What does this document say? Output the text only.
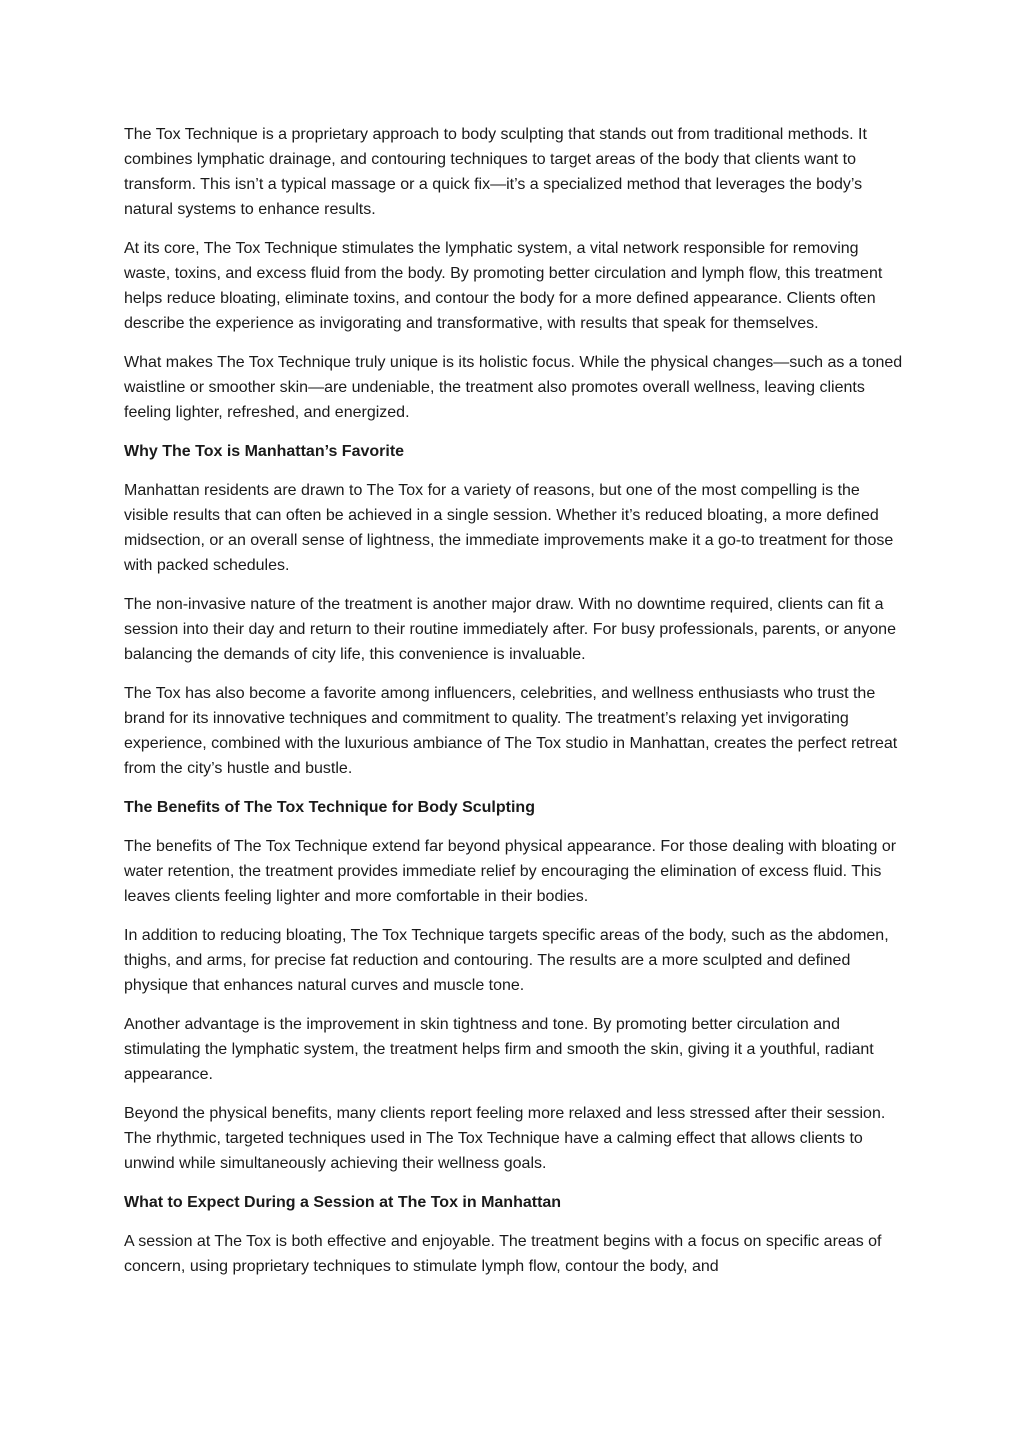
The Tox Technique is a proprietary approach to body sculpting that stands out from traditional methods. It combines lymphatic drainage, and contouring techniques to target areas of the body that clients want to transform. This isn’t a typical massage or a quick fix—it’s a specialized method that leverages the body’s natural systems to enhance results.

At its core, The Tox Technique stimulates the lymphatic system, a vital network responsible for removing waste, toxins, and excess fluid from the body. By promoting better circulation and lymph flow, this treatment helps reduce bloating, eliminate toxins, and contour the body for a more defined appearance. Clients often describe the experience as invigorating and transformative, with results that speak for themselves.

What makes The Tox Technique truly unique is its holistic focus. While the physical changes—such as a toned waistline or smoother skin—are undeniable, the treatment also promotes overall wellness, leaving clients feeling lighter, refreshed, and energized.

Why The Tox is Manhattan’s Favorite

Manhattan residents are drawn to The Tox for a variety of reasons, but one of the most compelling is the visible results that can often be achieved in a single session. Whether it’s reduced bloating, a more defined midsection, or an overall sense of lightness, the immediate improvements make it a go-to treatment for those with packed schedules.

The non-invasive nature of the treatment is another major draw. With no downtime required, clients can fit a session into their day and return to their routine immediately after. For busy professionals, parents, or anyone balancing the demands of city life, this convenience is invaluable.

The Tox has also become a favorite among influencers, celebrities, and wellness enthusiasts who trust the brand for its innovative techniques and commitment to quality. The treatment’s relaxing yet invigorating experience, combined with the luxurious ambiance of The Tox studio in Manhattan, creates the perfect retreat from the city’s hustle and bustle.

The Benefits of The Tox Technique for Body Sculpting

The benefits of The Tox Technique extend far beyond physical appearance. For those dealing with bloating or water retention, the treatment provides immediate relief by encouraging the elimination of excess fluid. This leaves clients feeling lighter and more comfortable in their bodies.

In addition to reducing bloating, The Tox Technique targets specific areas of the body, such as the abdomen, thighs, and arms, for precise fat reduction and contouring. The results are a more sculpted and defined physique that enhances natural curves and muscle tone.

Another advantage is the improvement in skin tightness and tone. By promoting better circulation and stimulating the lymphatic system, the treatment helps firm and smooth the skin, giving it a youthful, radiant appearance.

Beyond the physical benefits, many clients report feeling more relaxed and less stressed after their session. The rhythmic, targeted techniques used in The Tox Technique have a calming effect that allows clients to unwind while simultaneously achieving their wellness goals.

What to Expect During a Session at The Tox in Manhattan

A session at The Tox is both effective and enjoyable. The treatment begins with a focus on specific areas of concern, using proprietary techniques to stimulate lymph flow, contour the body, and
